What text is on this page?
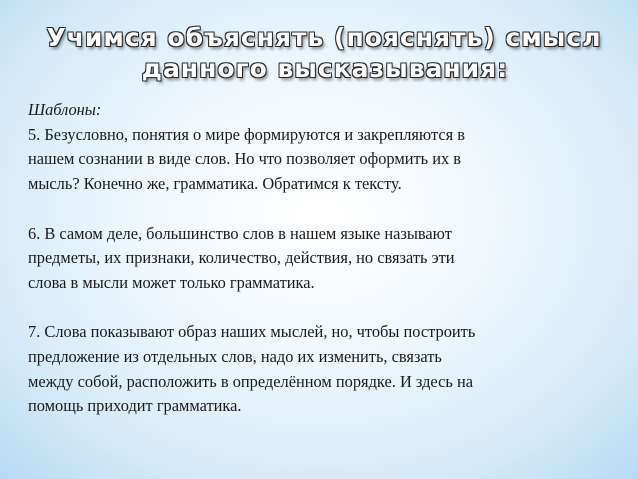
Учимся объяснять (пояснять) смысл
данного высказывания:
Шаблоны:

5. Безусловно, понятия о мире формируются и закрепляются в
нашем сознании в виде слов. Но что позволяет оформить их в
мысль? Конечно же, грамматика. Обратимся к тексту.

6. В самом деле, большинство слов в нашем языке называют
предметы, их признаки, количество, действия, но связать эти
слова в мысли может только грамматика.

7. Слова показывают образ наших мыслей, но, чтобы построить
предложение из отдельных слов, надо их изменить, связать
между собой, расположить в определённом порядке. И здесь на
помощь приходит грамматика.
